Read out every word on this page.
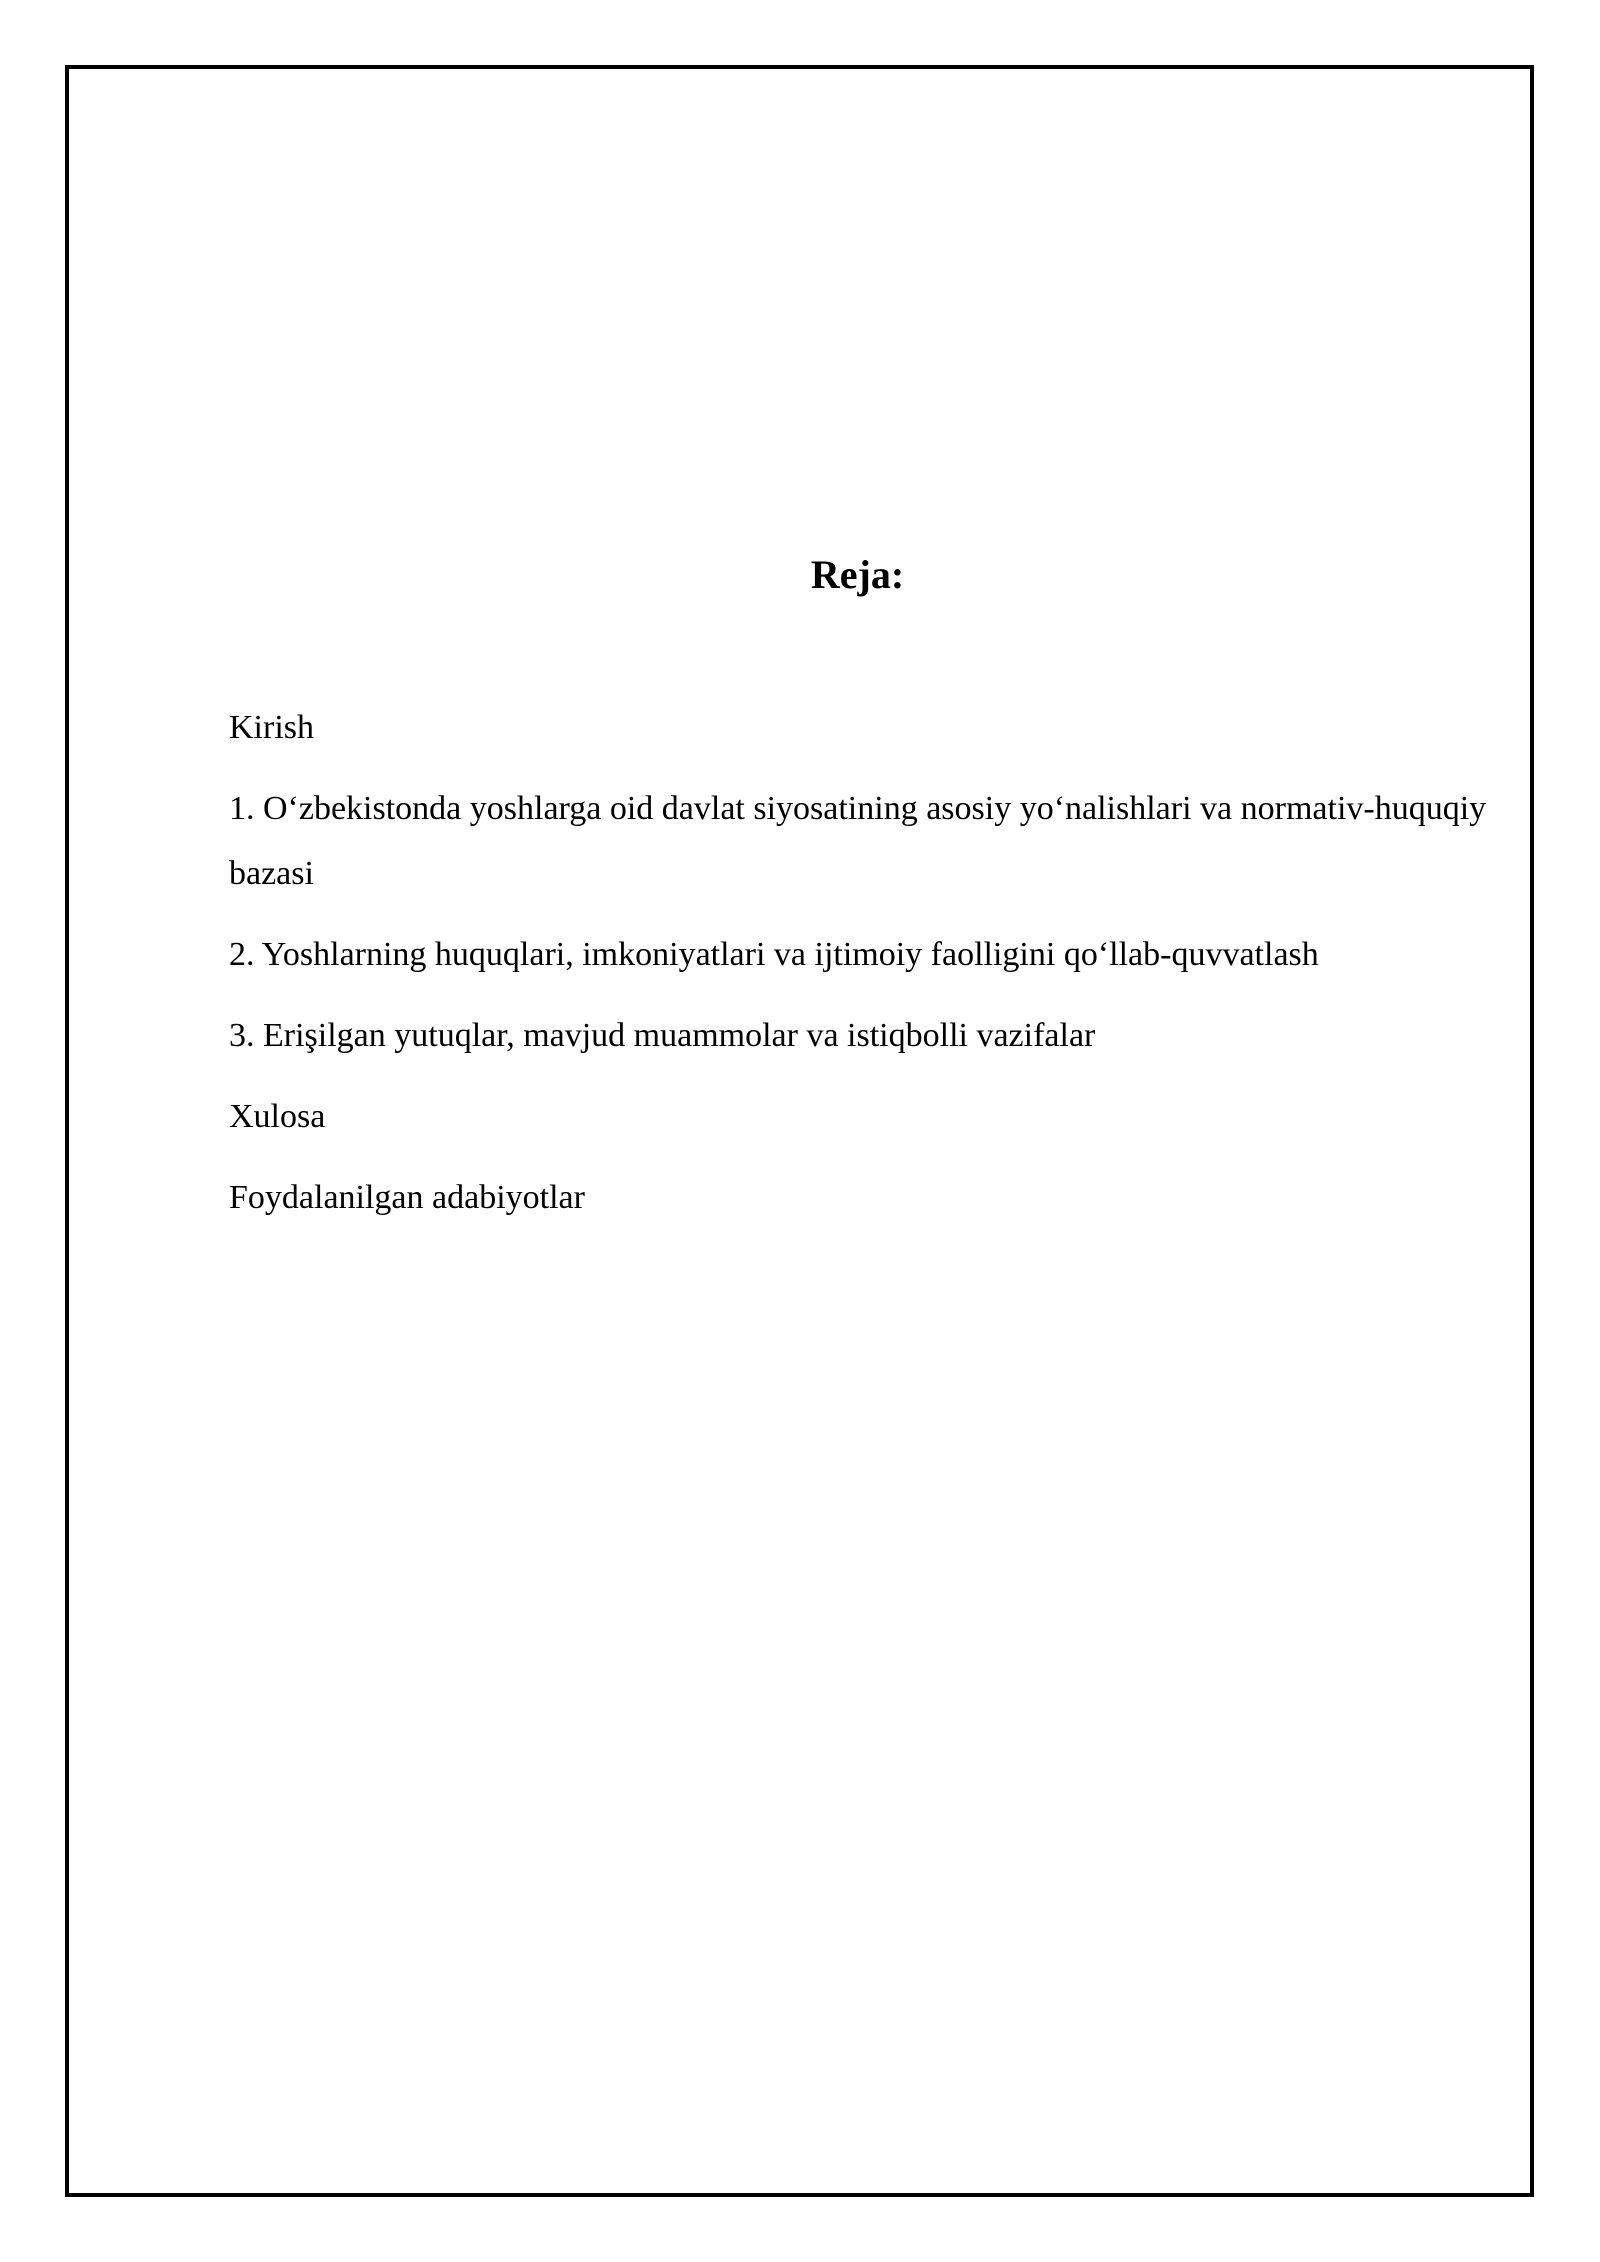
Reja:
Kirish
1. O‘zbekistonda yoshlarga oid davlat siyosatining asosiy yo‘nalishlari va normativ-huquqiy bazasi
2. Yoshlarning huquqlari, imkoniyatlari va ijtimoiy faolligini qo‘llab-quvvatlash
3. Erişilgan yutuqlar, mavjud muammolar va istiqbolli vazifalar
Xulosa
Foydalanilgan adabiyotlar
